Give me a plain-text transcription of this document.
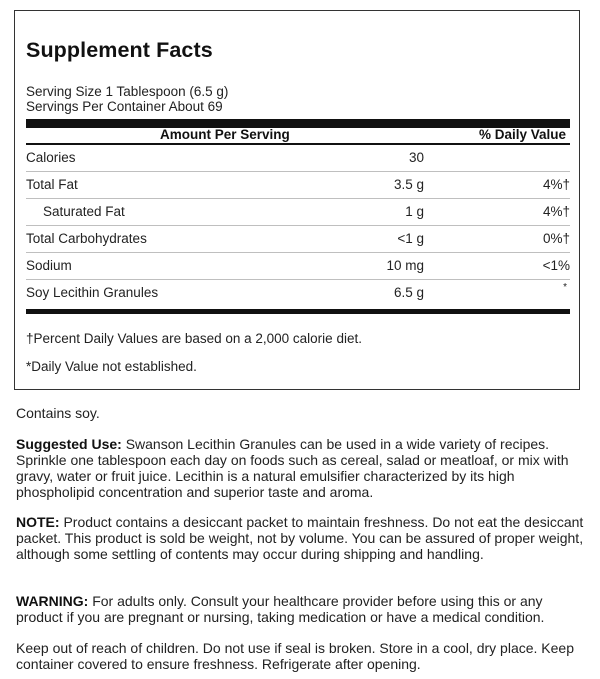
Supplement Facts
Serving Size 1 Tablespoon (6.5 g)
Servings Per Container About 69
Amount Per Serving	% Daily Value
Calories	30
Total Fat	3.5 g	4%†
Saturated Fat	1 g	4%†
Total Carbohydrates	<1 g	0%†
Sodium	10 mg	<1%
Soy Lecithin Granules	6.5 g	*
†Percent Daily Values are based on a 2,000 calorie diet.
*Daily Value not established.

Contains soy.

Suggested Use: Swanson Lecithin Granules can be used in a wide variety of recipes. Sprinkle one tablespoon each day on foods such as cereal, salad or meatloaf, or mix with gravy, water or fruit juice. Lecithin is a natural emulsifier characterized by its high phospholipid concentration and superior taste and aroma.

NOTE: Product contains a desiccant packet to maintain freshness. Do not eat the desiccant packet. This product is sold be weight, not by volume. You can be assured of proper weight, although some settling of contents may occur during shipping and handling.

WARNING: For adults only. Consult your healthcare provider before using this or any product if you are pregnant or nursing, taking medication or have a medical condition.

Keep out of reach of children. Do not use if seal is broken. Store in a cool, dry place. Keep container covered to ensure freshness. Refrigerate after opening.
